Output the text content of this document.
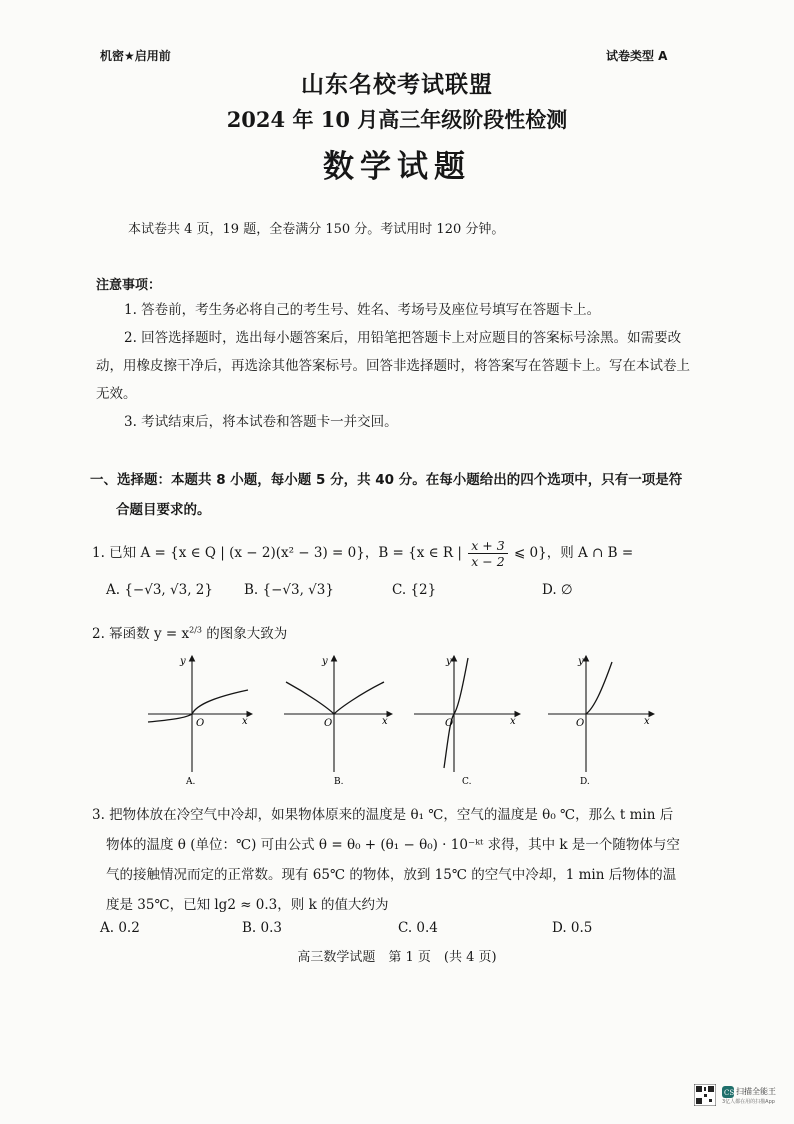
机密★启用前	试卷类型 A
山东名校考试联盟
2024 年 10 月高三年级阶段性检测
数学试题
本试卷共 4 页，19 题，全卷满分 150 分。考试用时 120 分钟。
注意事项：
1. 答卷前，考生务必将自己的考生号、姓名、考场号及座位号填写在答题卡上。
2. 回答选择题时，选出每小题答案后，用铅笔把答题卡上对应题目的答案标号涂黑。如需要改动，用橡皮擦干净后，再选涂其他答案标号。回答非选择题时，将答案写在答题卡上。写在本试卷上无效。
3. 考试结束后，将本试卷和答题卡一并交回。
一、选择题：本题共 8 小题，每小题 5 分，共 40 分。在每小题给出的四个选项中，只有一项是符
合题目要求的。
1. 已知 A = {x ∈ Q | (x − 2)(x² − 3) = 0}，B = {x ∈ R | $\frac{x + 3}{x - 2}$ ⩽ 0}，则 A ∩ B =
A. {−√3, √3, 2} B. {−√3, √3}	C. {2}	D. ∅
2. 幂函数 $y = x^{2/3}$ 的图象大致为
y
x
O
A.
y
x
O
B.
y
x
O
C.
y
x
O
D.
3. 把物体放在冷空气中冷却，如果物体原来的温度是 θ₁ ℃，空气的温度是 θ₀ ℃，那么 t min 后
物体的温度 θ (单位：℃) 可由公式 θ = θ₀ + (θ₁ − θ₀) · 10⁻ᵏᵗ 求得，其中 k 是一个随物体与空
气的接触情况而定的正常数。现有 65℃ 的物体，放到 15℃ 的空气中冷却，1 min 后物体的温
度是 35℃，已知 lg2 ≈ 0.3，则 k 的值大约为
A. 0.2	B. 0.3	C. 0.4	D. 0.5
高三数学试题　第 1 页　(共 4 页)
CS 扫描全能王
3亿人都在用的扫描App
